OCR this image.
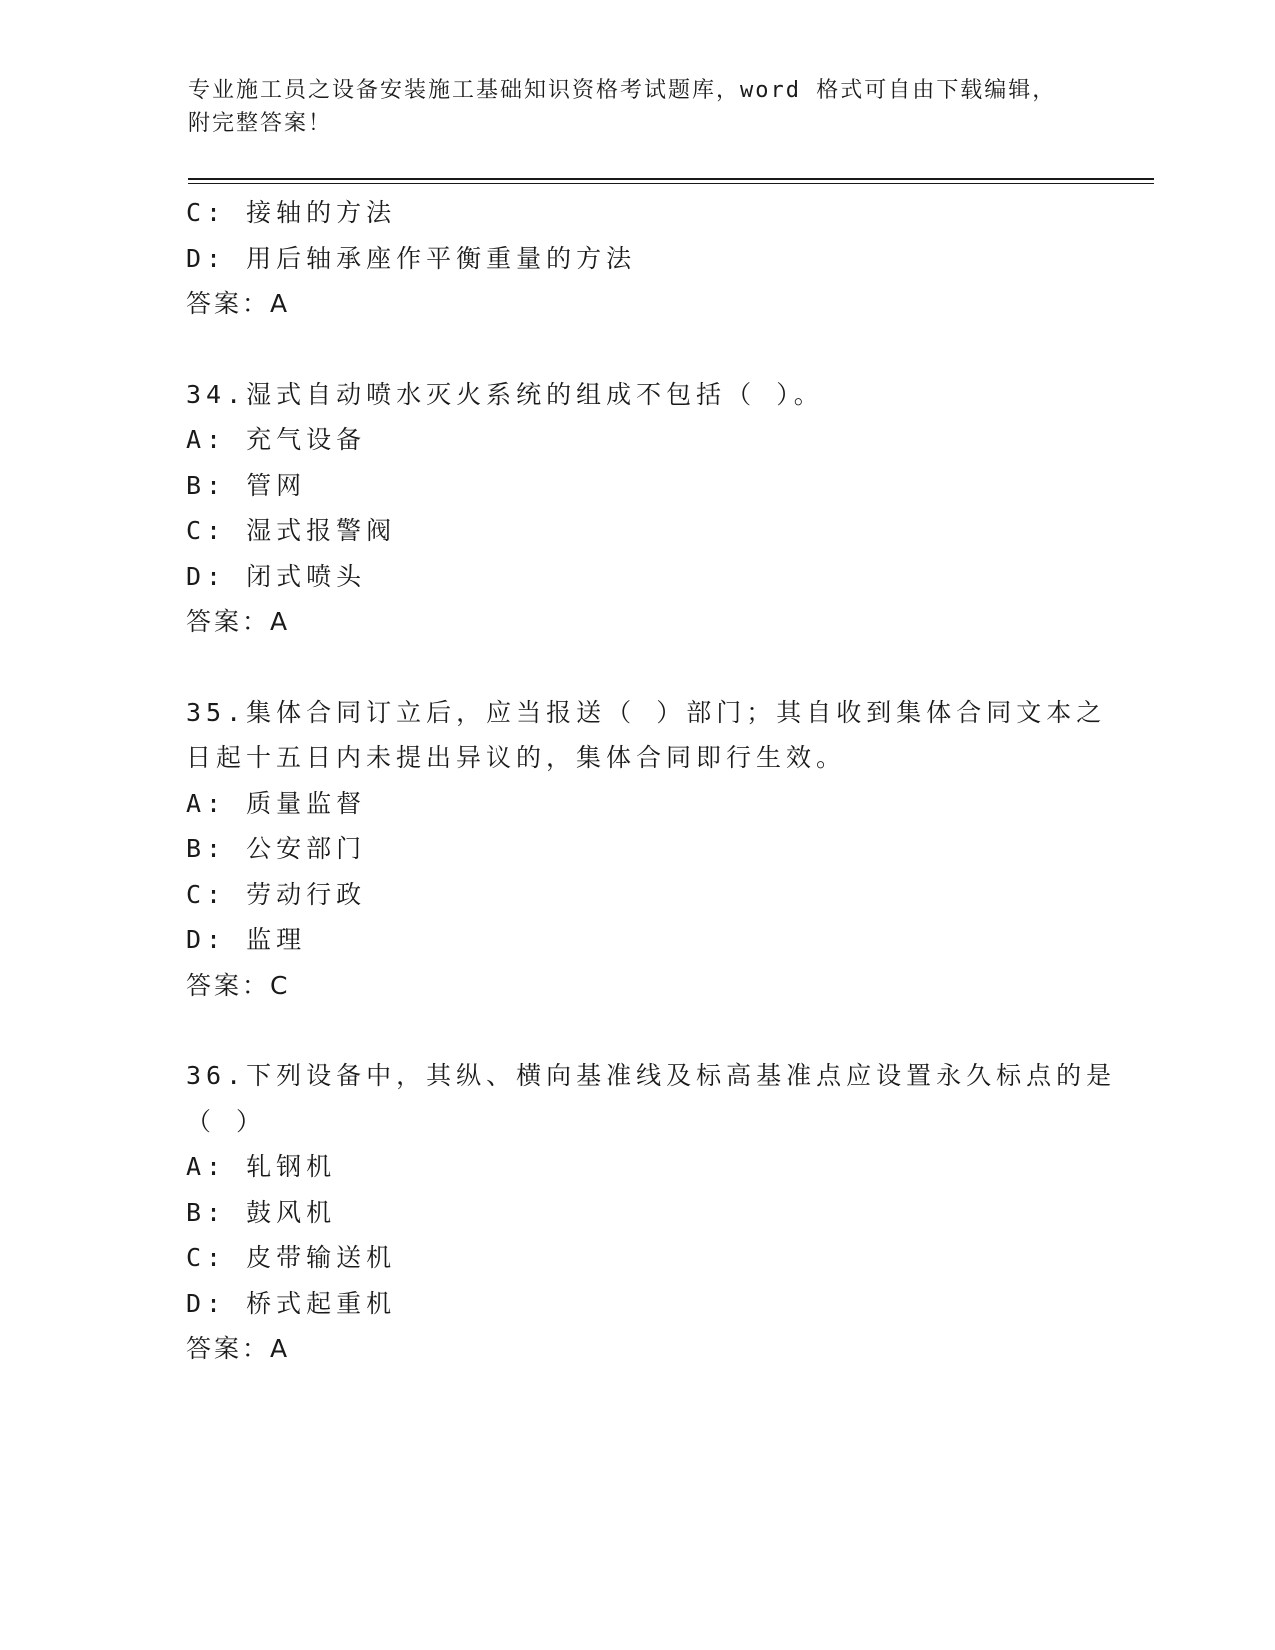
专业施工员之设备安装施工基础知识资格考试题库，word 格式可自由下载编辑，
附完整答案！
C: 接轴的方法
D: 用后轴承座作平衡重量的方法
答案：A
34.湿式自动喷水灭火系统的组成不包括（ ）。
A: 充气设备
B: 管网
C: 湿式报警阀
D: 闭式喷头
答案：A
35.集体合同订立后，应当报送（ ）部门；其自收到集体合同文本之
日起十五日内未提出异议的，集体合同即行生效。
A: 质量监督
B: 公安部门
C: 劳动行政
D: 监理
答案：C
36.下列设备中，其纵、横向基准线及标高基准点应设置永久标点的是
（ ）
A: 轧钢机
B: 鼓风机
C: 皮带输送机
D: 桥式起重机
答案：A
